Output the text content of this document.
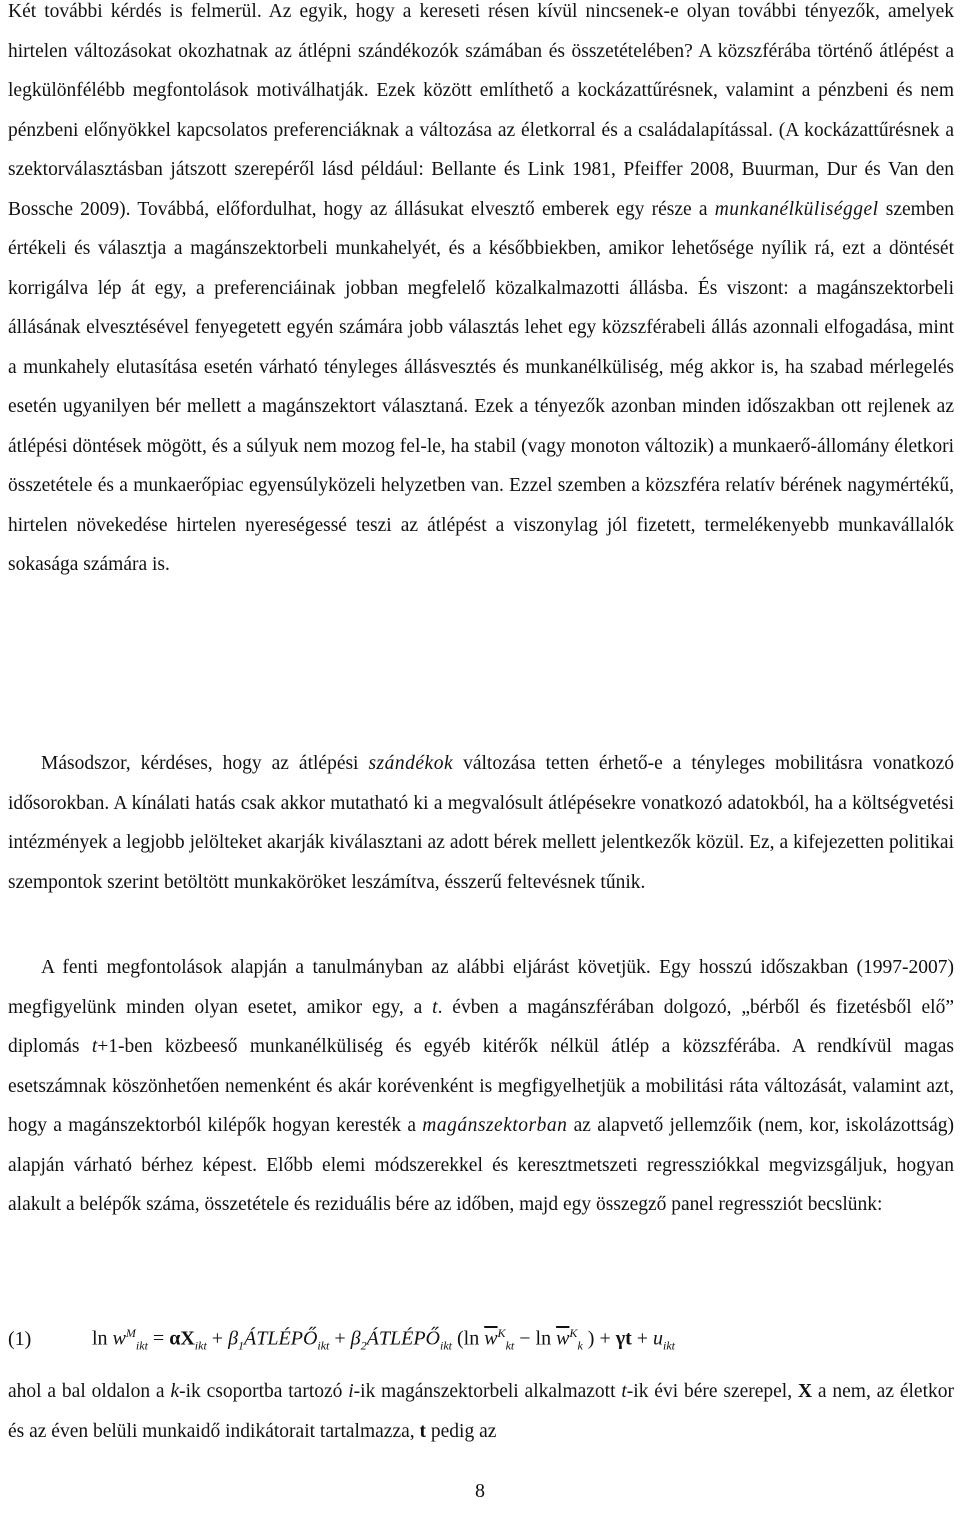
Két további kérdés is felmerül. Az egyik, hogy a kereseti résen kívül nincsenek-e olyan további tényezők, amelyek hirtelen változásokat okozhatnak az átlépni szándékozók számában és összetételében? A közszférába történő átlépést a legkülönfélébb megfontolások motiválhatják. Ezek között említhető a kockázattűrésnek, valamint a pénzbeni és nem pénzbeni előnyökkel kapcsolatos preferenciáknak a változása az életkorral és a családalapítással. (A kockázattűrésnek a szektorválasztásban játszott szerepéről lásd például: Bellante és Link 1981, Pfeiffer 2008, Buurman, Dur és Van den Bossche 2009). Továbbá, előfordulhat, hogy az állásukat elvesztő emberek egy része a munkanélküliséggel szemben értékeli és választja a magánszektorbeli munkahelyét, és a későbbiekben, amikor lehetősége nyílik rá, ezt a döntését korrigálva lép át egy, a preferenciáinak jobban megfelelő közalkalmazotti állásba. És viszont: a magánszektorbeli állásának elvesztésével fenyegetett egyén számára jobb választás lehet egy közszférabeli állás azonnali elfogadása, mint a munkahely elutasítása esetén várható tényleges állásvesztés és munkanélküliség, még akkor is, ha szabad mérlegelés esetén ugyanilyen bér mellett a magánszektort választaná. Ezek a tényezők azonban minden időszakban ott rejlenek az átlépési döntések mögött, és a súlyuk nem mozog fel-le, ha stabil (vagy monoton változik) a munkaerő-állomány életkori összetétele és a munkaerőpiac egyensúlyközeli helyzetben van. Ezzel szemben a közszféra relatív bérének nagymértékű, hirtelen növekedése hirtelen nyereségessé teszi az átlépést a viszonylag jól fizetett, termelékenyebb munkavállalók sokasága számára is.

Másodszor, kérdéses, hogy az átlépési szándékok változása tetten érhető-e a tényleges mobilitásra vonatkozó idősorokban. A kínálati hatás csak akkor mutatható ki a megvalósult átlépésekre vonatkozó adatokból, ha a költségvetési intézmények a legjobb jelölteket akarják kiválasztani az adott bérek mellett jelentkezők közül. Ez, a kifejezetten politikai szempontok szerint betöltött munkaköröket leszámítva, ésszerű feltevésnek tűnik.

A fenti megfontolások alapján a tanulmányban az alábbi eljárást követjük. Egy hosszú időszakban (1997-2007) megfigyelünk minden olyan esetet, amikor egy, a t. évben a magánszférában dolgozó, „bérből és fizetésből elő” diplomás t+1-ben közbeeső munkanélküliség és egyéb kitérők nélkül átlép a közszférába. A rendkívül magas esetszámnak köszönhetően nemenként és akár korévenként is megfigyelhetjük a mobilitási ráta változását, valamint azt, hogy a magánszektorból kilépők hogyan keresték a magánszektorban az alapvető jellemzőik (nem, kor, iskolázottság) alapján várható bérhez képest. Előbb elemi módszerekkel és keresztmetszeti regressziókkal megvizsgáljuk, hogyan alakult a belépők száma, összetétele és reziduális bére az időben, majd egy összegző panel regressziót becslünk:

(1)	$\ln w^M_{ikt} = \alpha X_{ikt}$ + $\beta_1ÁTLÉPŐ_{ikt}$ + $\beta_2ÁTLÉPŐ_{ikt}$ (ln $\overline{w}^K_{kt} - \ln \overline{w}^K_k$ ) + $\gamma t + u_{ikt}$

ahol a bal oldalon a k-ik csoportba tartozó i-ik magánszektorbeli alkalmazott t-ik évi bére szerepel, X a nem, az életkor és az éven belüli munkaidő indikátorait tartalmazza, t pedig az

8
